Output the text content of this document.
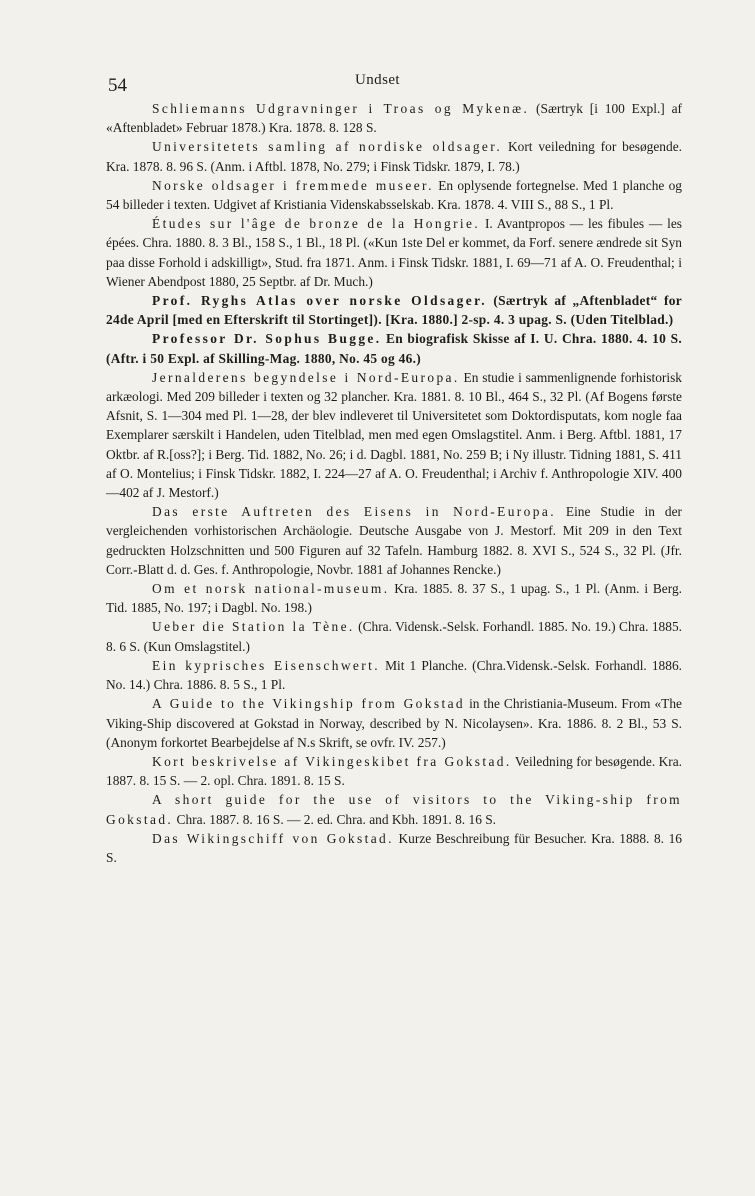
54	Undset

Schliemanns Udgravninger i Troas og Mykenæ. (Særtryk [i 100 Expl.] af «Aftenbladet» Februar 1878.) Kra. 1878. 8. 128 S.

Universitetets samling af nordiske oldsager. Kort veiledning for besøgende. Kra. 1878. 8. 96 S. (Anm. i Aftbl. 1878, No. 279; i Finsk Tidskr. 1879, I. 78.)

Norske oldsager i fremmede museer. En oplysende fortegnelse. Med 1 planche og 54 billeder i texten. Udgivet af Kristiania Videnskabsselskab. Kra. 1878. 4. VIII S., 88 S., 1 Pl.

Études sur l'âge de bronze de la Hongrie. I. Avantpropos — les fibules — les épées. Chra. 1880. 8. 3 Bl., 158 S., 1 Bl., 18 Pl. («Kun 1ste Del er kommet, da Forf. senere ændrede sit Syn paa disse Forhold i adskilligt», Stud. fra 1871. Anm. i Finsk Tidskr. 1881, I. 69—71 af A. O. Freudenthal; i Wiener Abendpost 1880, 25 Septbr. af Dr. Much.)

Prof. Ryghs Atlas over norske Oldsager. (Særtryk af „Aftenbladet“ for 24de April [med en Efterskrift til Stortinget]). [Kra. 1880.] 2-sp. 4. 3 upag. S. (Uden Titelblad.)

Professor Dr. Sophus Bugge. En biografisk Skisse af I. U. Chra. 1880. 4. 10 S. (Aftr. i 50 Expl. af Skilling-Mag. 1880, No. 45 og 46.)

Jernalderens begyndelse i Nord-Europa. En studie i sammenlignende forhistorisk arkæologi. Med 209 billeder i texten og 32 plancher. Kra. 1881. 8. 10 Bl., 464 S., 32 Pl. (Af Bogens første Afsnit, S. 1—304 med Pl. 1—28, der blev indleveret til Universitetet som Doktordisputats, kom nogle faa Exemplarer særskilt i Handelen, uden Titelblad, men med egen Omslagstitel. Anm. i Berg. Aftbl. 1881, 17 Oktbr. af R.[oss?]; i Berg. Tid. 1882, No. 26; i d. Dagbl. 1881, No. 259 B; i Ny illustr. Tidning 1881, S. 411 af O. Montelius; i Finsk Tidskr. 1882, I. 224—27 af A. O. Freudenthal; i Archiv f. Anthropologie XIV. 400—402 af J. Mestorf.)

Das erste Auftreten des Eisens in Nord-Europa. Eine Studie in der vergleichenden vorhistorischen Archäologie. Deutsche Ausgabe von J. Mestorf. Mit 209 in den Text gedruckten Holzschnitten und 500 Figuren auf 32 Tafeln. Hamburg 1882. 8. XVI S., 524 S., 32 Pl. (Jfr. Corr.-Blatt d. d. Ges. f. Anthropologie, Novbr. 1881 af Johannes Rencke.)

Om et norsk national-museum. Kra. 1885. 8. 37 S., 1 upag. S., 1 Pl. (Anm. i Berg. Tid. 1885, No. 197; i Dagbl. No. 198.)

Ueber die Station la Tène. (Chra. Vidensk.-Selsk. Forhandl. 1885. No. 19.) Chra. 1885. 8. 6 S. (Kun Omslagstitel.)

Ein kyprisches Eisenschwert. Mit 1 Planche. (Chra.Vidensk.-Selsk. Forhandl. 1886. No. 14.) Chra. 1886. 8. 5 S., 1 Pl.

A Guide to the Vikingship from Gokstad in the Christiania-Museum. From «The Viking-Ship discovered at Gokstad in Norway, described by N. Nicolaysen». Kra. 1886. 8. 2 Bl., 53 S. (Anonym forkortet Bearbejdelse af N.s Skrift, se ovfr. IV. 257.)

Kort beskrivelse af Vikingeskibet fra Gokstad. Veiledning for besøgende. Kra. 1887. 8. 15 S. — 2. opl. Chra. 1891. 8. 15 S.

A short guide for the use of visitors to the Viking-ship from Gokstad. Chra. 1887. 8. 16 S. — 2. ed. Chra. and Kbh. 1891. 8. 16 S.

Das Wikingschiff von Gokstad. Kurze Beschreibung für Besucher. Kra. 1888. 8. 16 S.
